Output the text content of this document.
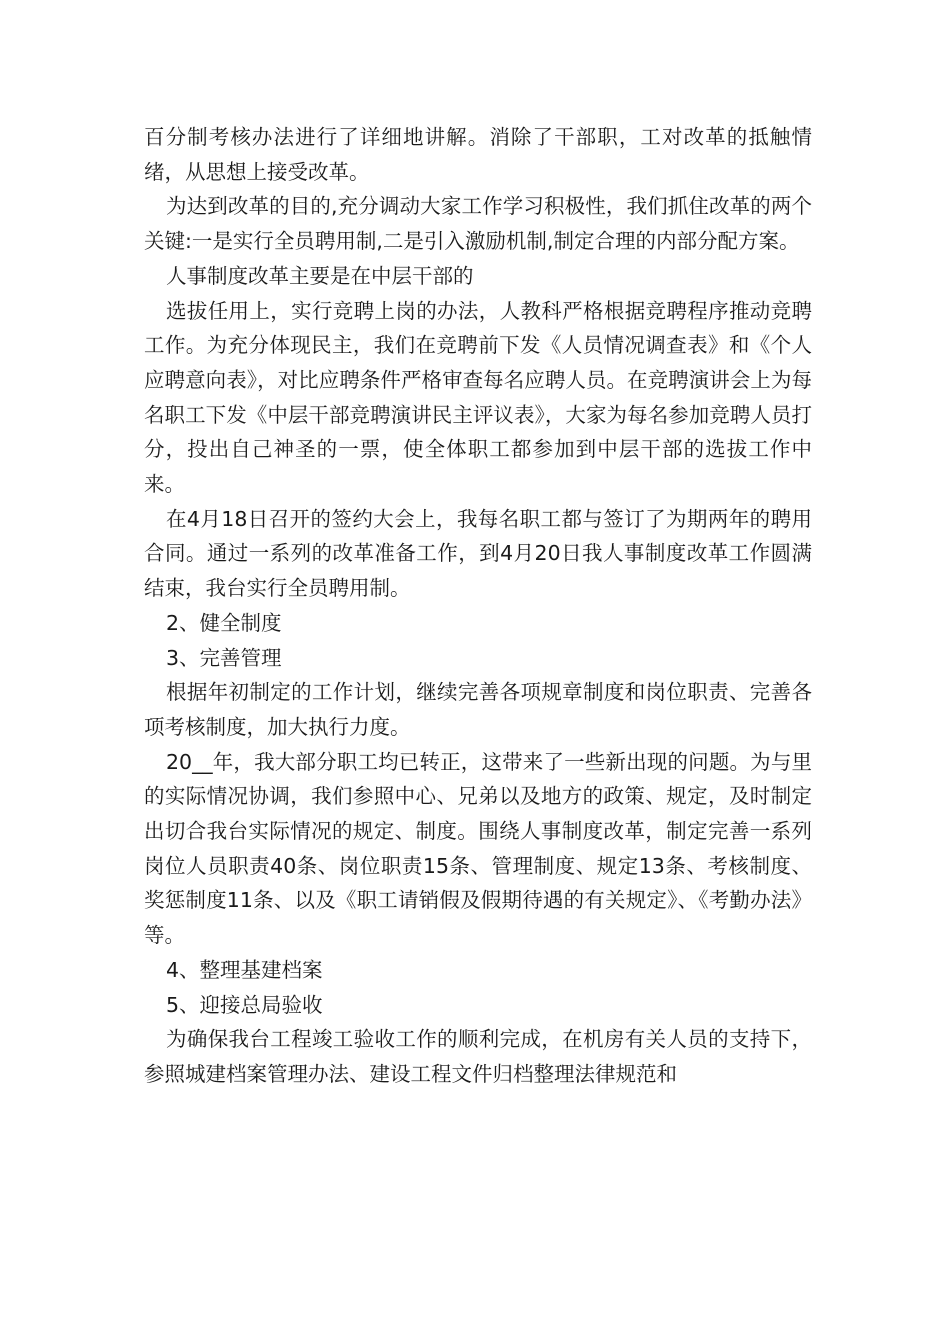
百分制考核办法进行了详细地讲解。消除了干部职，工对改革的抵触情绪，从思想上接受改革。

为达到改革的目的,充分调动大家工作学习积极性，我们抓住改革的两个关键:一是实行全员聘用制,二是引入激励机制,制定合理的内部分配方案。

人事制度改革主要是在中层干部的

选拔任用上，实行竞聘上岗的办法，人教科严格根据竞聘程序推动竞聘工作。为充分体现民主，我们在竞聘前下发《人员情况调查表》和《个人应聘意向表》，对比应聘条件严格审查每名应聘人员。在竞聘演讲会上为每名职工下发《中层干部竞聘演讲民主评议表》，大家为每名参加竞聘人员打分，投出自己神圣的一票，使全体职工都参加到中层干部的选拔工作中来。

在4月18日召开的签约大会上，我每名职工都与签订了为期两年的聘用合同。通过一系列的改革准备工作，到4月20日我人事制度改革工作圆满结束，我台实行全员聘用制。

2、健全制度

3、完善管理

根据年初制定的工作计划，继续完善各项规章制度和岗位职责、完善各项考核制度，加大执行力度。

20__年，我大部分职工均已转正，这带来了一些新出现的问题。为与里的实际情况协调，我们参照中心、兄弟以及地方的政策、规定，及时制定出切合我台实际情况的规定、制度。围绕人事制度改革，制定完善一系列岗位人员职责40条、岗位职责15条、管理制度、规定13条、考核制度、奖惩制度11条、以及《职工请销假及假期待遇的有关规定》、《考勤办法》等。

4、整理基建档案

5、迎接总局验收

为确保我台工程竣工验收工作的顺利完成，在机房有关人员的支持下，参照城建档案管理办法、建设工程文件归档整理法律规范和
